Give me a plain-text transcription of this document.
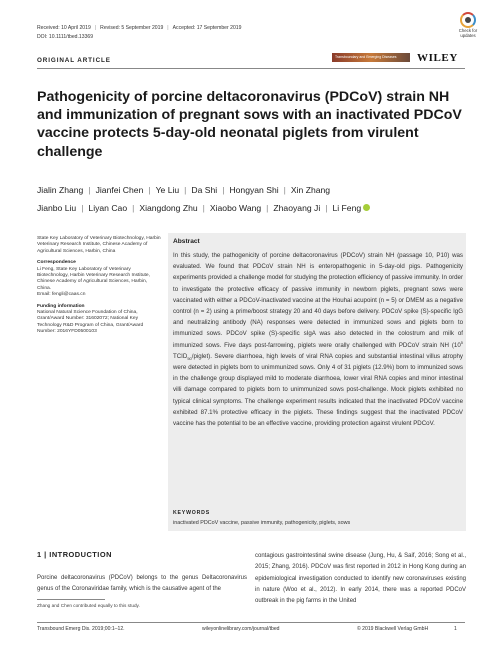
Received: 10 April 2019 | Revised: 5 September 2019 | Accepted: 17 September 2019
DOI: 10.1111/tbed.13369
Check for
updates
ORIGINAL ARTICLE	Transboundary and Emerging Diseases	WILEY
Pathogenicity of porcine deltacoronavirus (PDCoV) strain NH and immunization of pregnant sows with an inactivated PDCoV vaccine protects 5-day-old neonatal piglets from virulent challenge
Jialin Zhang | Jianfei Chen | Ye Liu | Da Shi | Hongyan Shi | Xin Zhang
Jianbo Liu | Liyan Cao | Xiangdong Zhu | Xiaobo Wang | Zhaoyang Ji | Li Feng
State Key Laboratory of Veterinary Biotechnology, Harbin Veterinary Research Institute, Chinese Academy of Agricultural Sciences, Harbin, China
Correspondence
Li Feng, State Key Laboratory of Veterinary Biotechnology, Harbin Veterinary Research Institute, Chinese Academy of Agricultural Sciences, Harbin, China.
Email: fengli@caas.cn
Funding information
National Natural Science Foundation of China, Grant/Award Number: 31602072; National Key Technology R&D Program of China, Grant/Award Number: 2016YFD0500103
Abstract

In this study, the pathogenicity of porcine deltacoronavirus (PDCoV) strain NH (passage 10, P10) was evaluated. We found that PDCoV strain NH is enteropathogenic in 5-day-old pigs. Pathogenicity experiments provided a challenge model for studying the protection efficiency of passive immunity. In order to investigate the protective efficacy of passive immunity in newborn piglets, pregnant sows were vaccinated with either a PDCoV-inactivated vaccine at the Houhai acupoint (n = 5) or DMEM as a negative control (n = 2) using a prime/boost strategy 20 and 40 days before delivery. PDCoV spike (S)-specific IgG and neutralizing antibody (NA) responses were detected in immunized sows and piglets born to immunized sows. PDCoV spike (S)-specific sIgA was also detected in the colostrum and milk of immunized sows. Five days post-farrowing, piglets were orally challenged with PDCoV strain NH ($10^5$ $TCID_{50}/piglet$). Severe diarrhoea, high levels of viral RNA copies and substantial intestinal villus atrophy were detected in piglets born to unimmunized sows. Only 4 of 31 piglets (12.9%) born to immunized sows in the challenge group displayed mild to moderate diarrhoea, lower viral RNA copies and minor intestinal villi damage compared to piglets born to unimmunized sows post-challenge. Mock piglets exhibited no typical clinical symptoms. The challenge experiment results indicated that the inactivated PDCoV vaccine exhibited 87.1% protective efficacy in the piglets. These findings suggest that the inactivated PDCoV vaccine has the potential to be an effective vaccine, providing protection against virulent PDCoV.

KEYWORDS
inactivated PDCoV vaccine, passive immunity, pathogenicity, piglets, sows
1 | INTRODUCTION

Porcine deltacoronavirus (PDCoV) belongs to the genus Deltacoronavirus genus of the Coronaviridae family, which is the causative agent of the

Zhang and Chen contributed equally to this study.

contagious gastrointestinal swine disease (Jung, Hu, & Saif, 2016; Song et al., 2015; Zhang, 2016). PDCoV was first reported in 2012 in Hong Kong during an epidemiological investigation conducted to identify new coronaviruses existing in nature (Woo et al., 2012). In early 2014, there was a reported PDCoV outbreak in the pig farms in the United

Transbound Emerg Dis. 2019;00:1–12.	wileyonlinelibrary.com/journal/tbed	© 2019 Blackwell Verlag GmbH	1
